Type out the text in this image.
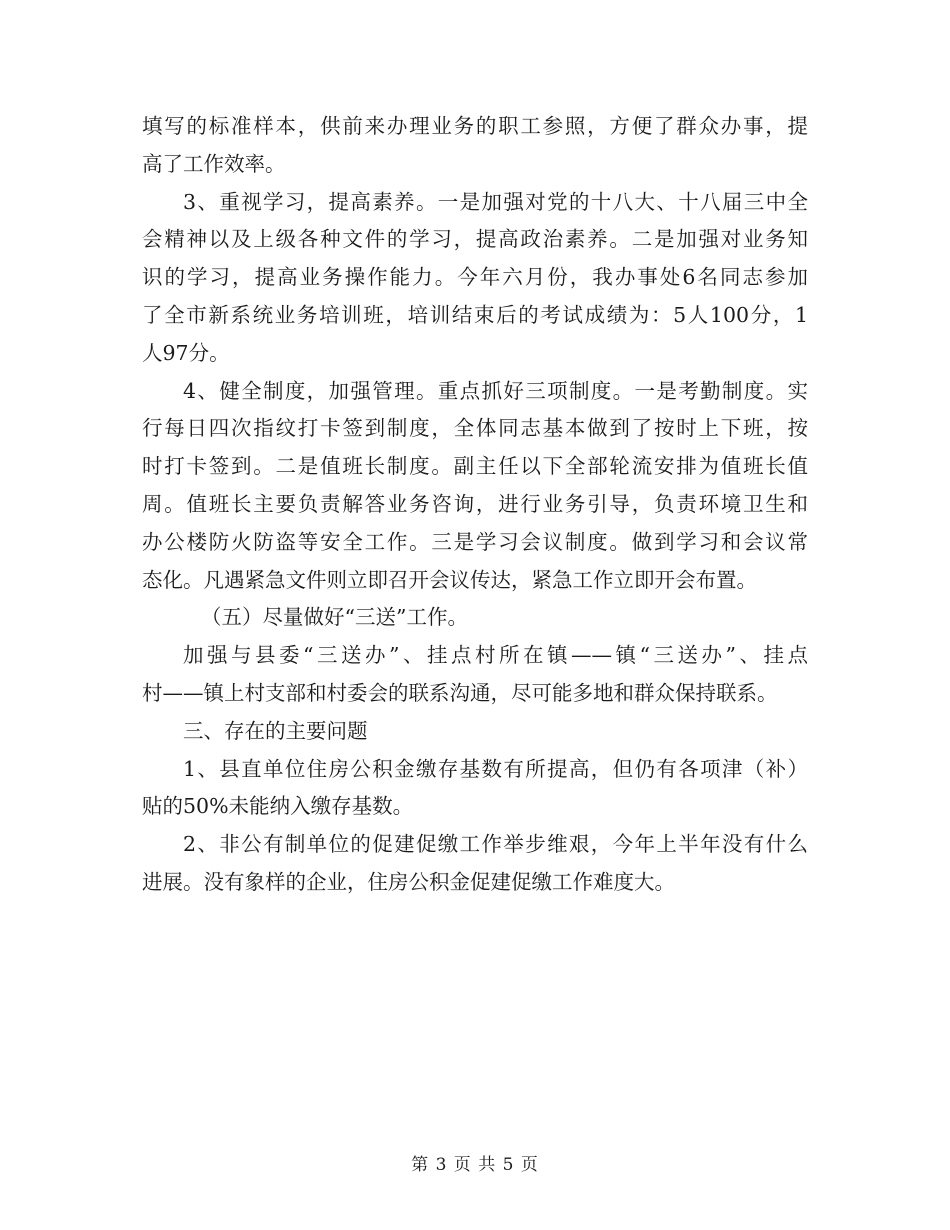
填写的标准样本，供前来办理业务的职工参照，方便了群众办事，提
高了工作效率。
3、重视学习，提高素养。一是加强对党的十八大、十八届三中全
会精神以及上级各种文件的学习，提高政治素养。二是加强对业务知
识的学习，提高业务操作能力。今年六月份，我办事处6名同志参加
了全市新系统业务培训班，培训结束后的考试成绩为：5人100分，1
人97分。
4、健全制度，加强管理。重点抓好三项制度。一是考勤制度。实
行每日四次指纹打卡签到制度，全体同志基本做到了按时上下班，按
时打卡签到。二是值班长制度。副主任以下全部轮流安排为值班长值
周。值班长主要负责解答业务咨询，进行业务引导，负责环境卫生和
办公楼防火防盗等安全工作。三是学习会议制度。做到学习和会议常
态化。凡遇紧急文件则立即召开会议传达，紧急工作立即开会布置。
（五）尽量做好“三送”工作。
加强与县委“三送办”、挂点村所在镇——镇“三送办”、挂点
村——镇上村支部和村委会的联系沟通，尽可能多地和群众保持联系。
三、存在的主要问题
1、县直单位住房公积金缴存基数有所提高，但仍有各项津（补）
贴的50%未能纳入缴存基数。
2、非公有制单位的促建促缴工作举步维艰，今年上半年没有什么
进展。没有象样的企业，住房公积金促建促缴工作难度大。
第 3 页 共 5 页
